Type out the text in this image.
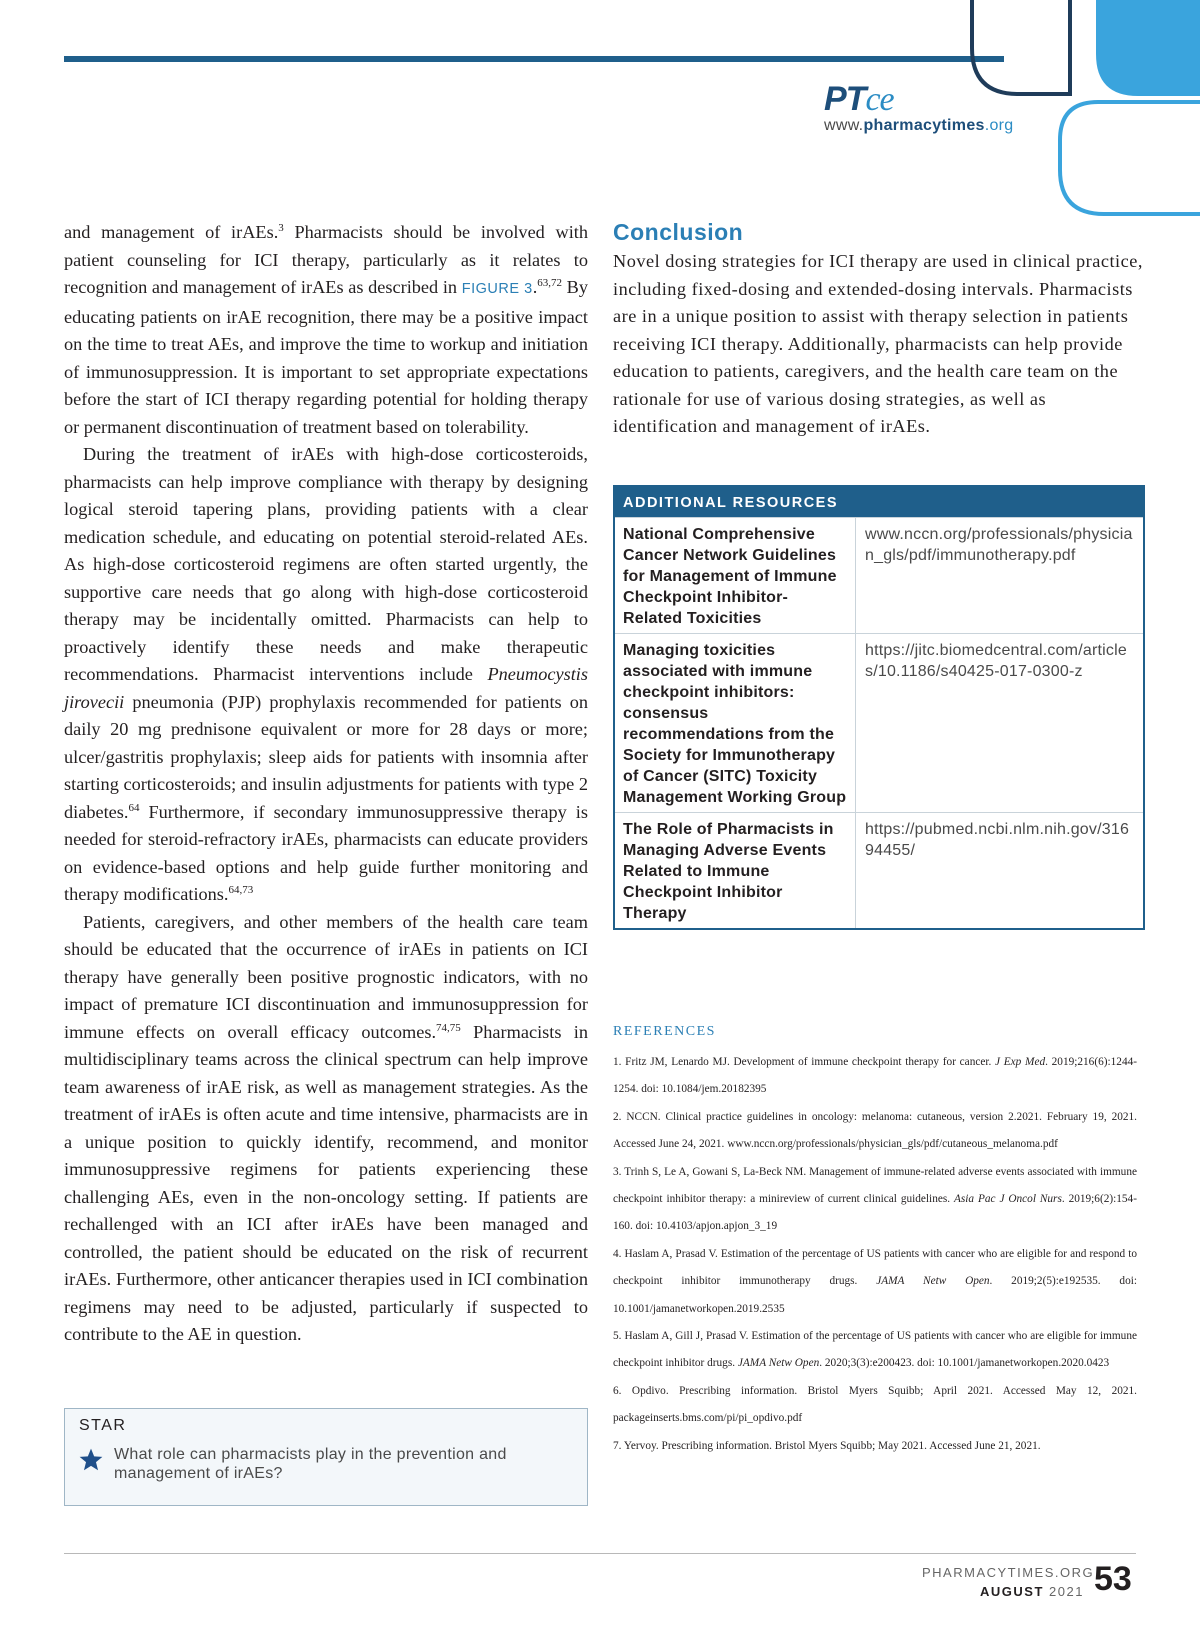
PTce
www.pharmacytimes.org

and management of irAEs.$^3$ Pharmacists should be involved with patient counseling for ICI therapy, particularly as it relates to recognition and management of irAEs as described in FIGURE 3.$^{63,72}$ By educating patients on irAE recognition, there may be a positive impact on the time to treat AEs, and improve the time to workup and initiation of immunosuppression. It is important to set appropriate expectations before the start of ICI therapy regarding potential for holding therapy or permanent discontinuation of treatment based on tolerability.

During the treatment of irAEs with high-dose corticosteroids, pharmacists can help improve compliance with therapy by designing logical steroid tapering plans, providing patients with a clear medication schedule, and educating on potential steroid-related AEs. As high-dose corticosteroid regimens are often started urgently, the supportive care needs that go along with high-dose corticosteroid therapy may be incidentally omitted. Pharmacists can help to proactively identify these needs and make therapeutic recommendations. Pharmacist interventions include Pneumocystis jirovecii pneumonia (PJP) prophylaxis recommended for patients on daily 20 mg prednisone equivalent or more for 28 days or more; ulcer/gastritis prophylaxis; sleep aids for patients with insomnia after starting corticosteroids; and insulin adjustments for patients with type 2 diabetes.$^{64}$ Furthermore, if secondary immunosuppressive therapy is needed for steroid-refractory irAEs, pharmacists can educate providers on evidence-based options and help guide further monitoring and therapy modifications.$^{64,73}$

Patients, caregivers, and other members of the health care team should be educated that the occurrence of irAEs in patients on ICI therapy have generally been positive prognostic indicators, with no impact of premature ICI discontinuation and immunosuppression for immune effects on overall efficacy outcomes.$^{74,75}$ Pharmacists in multidisciplinary teams across the clinical spectrum can help improve team awareness of irAE risk, as well as management strategies. As the treatment of irAEs is often acute and time intensive, pharmacists are in a unique position to quickly identify, recommend, and monitor immunosuppressive regimens for patients experiencing these challenging AEs, even in the non-oncology setting. If patients are rechallenged with an ICI after irAEs have been managed and controlled, the patient should be educated on the risk of recurrent irAEs. Furthermore, other anticancer therapies used in ICI combination regimens may need to be adjusted, particularly if suspected to contribute to the AE in question.

STAR
What role can pharmacists play in the prevention and management of irAEs?
Conclusion

Novel dosing strategies for ICI therapy are used in clinical practice, including fixed-dosing and extended-dosing intervals. Pharmacists are in a unique position to assist with therapy selection in patients receiving ICI therapy. Additionally, pharmacists can help provide education to patients, caregivers, and the health care team on the rationale for use of various dosing strategies, as well as identification and management of irAEs.

ADDITIONAL RESOURCES
National Comprehensive Cancer Network Guidelines for Management of Immune Checkpoint Inhibitor-Related Toxicities
www.nccn.org/professionals/physician_gls/pdf/immunotherapy.pdf
Managing toxicities associated with immune checkpoint inhibitors: consensus recommendations from the Society for Immunotherapy of Cancer (SITC) Toxicity Management Working Group
https://jitc.biomedcentral.com/articles/10.1186/s40425-017-0300-z
The Role of Pharmacists in Managing Adverse Events Related to Immune Checkpoint Inhibitor Therapy
https://pubmed.ncbi.nlm.nih.gov/31694455/
REFERENCES

1. Fritz JM, Lenardo MJ. Development of immune checkpoint therapy for cancer. J Exp Med. 2019;216(6):1244-1254. doi: 10.1084/jem.20182395

2. NCCN. Clinical practice guidelines in oncology: melanoma: cutaneous, version 2.2021. February 19, 2021. Accessed June 24, 2021. www.nccn.org/professionals/physician_gls/pdf/cutaneous_melanoma.pdf

3. Trinh S, Le A, Gowani S, La-Beck NM. Management of immune-related adverse events associated with immune checkpoint inhibitor therapy: a minireview of current clinical guidelines. Asia Pac J Oncol Nurs. 2019;6(2):154-160. doi: 10.4103/apjon.apjon_3_19

4. Haslam A, Prasad V. Estimation of the percentage of US patients with cancer who are eligible for and respond to checkpoint inhibitor immunotherapy drugs. JAMA Netw Open. 2019;2(5):e192535. doi: 10.1001/jamanetworkopen.2019.2535

5. Haslam A, Gill J, Prasad V. Estimation of the percentage of US patients with cancer who are eligible for immune checkpoint inhibitor drugs. JAMA Netw Open. 2020;3(3):e200423. doi: 10.1001/jamanetworkopen.2020.0423

6. Opdivo. Prescribing information. Bristol Myers Squibb; April 2021. Accessed May 12, 2021. packageinserts.bms.com/pi/pi_opdivo.pdf

7. Yervoy. Prescribing information. Bristol Myers Squibb; May 2021. Accessed June 21, 2021.

PHARMACYTIMES.ORG
AUGUST 2021 53
